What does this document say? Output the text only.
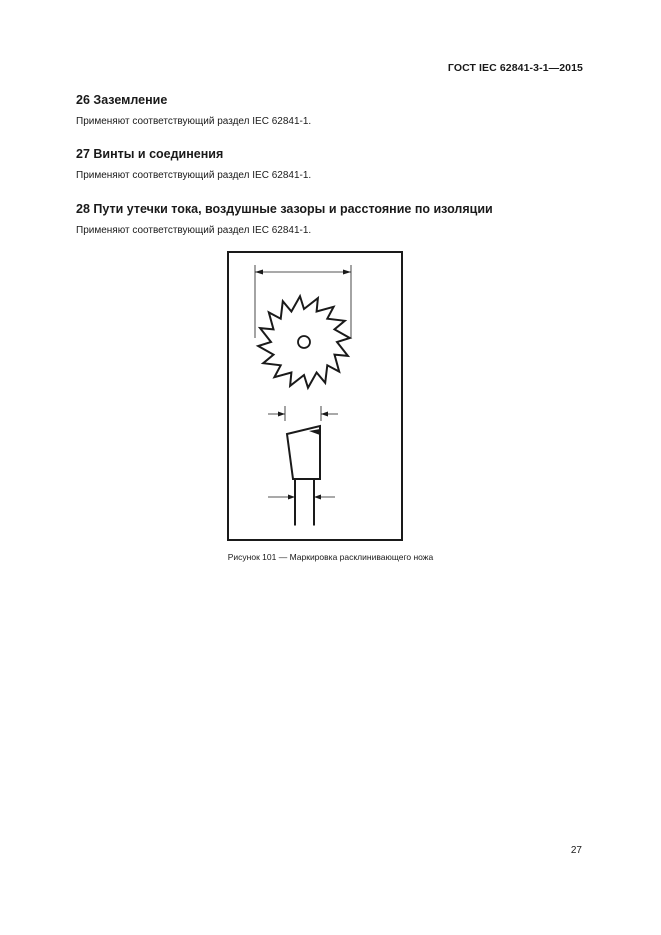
ГОСТ IEC 62841-3-1—2015
26 Заземление

Применяют соответствующий раздел IEC 62841-1.

27 Винты и соединения

Применяют соответствующий раздел IEC 62841-1.

28 Пути утечки тока, воздушные зазоры и расстояние по изоляции

Применяют соответствующий раздел IEC 62841-1.

Рисунок 101 — Маркировка расклинивающего ножа
27
